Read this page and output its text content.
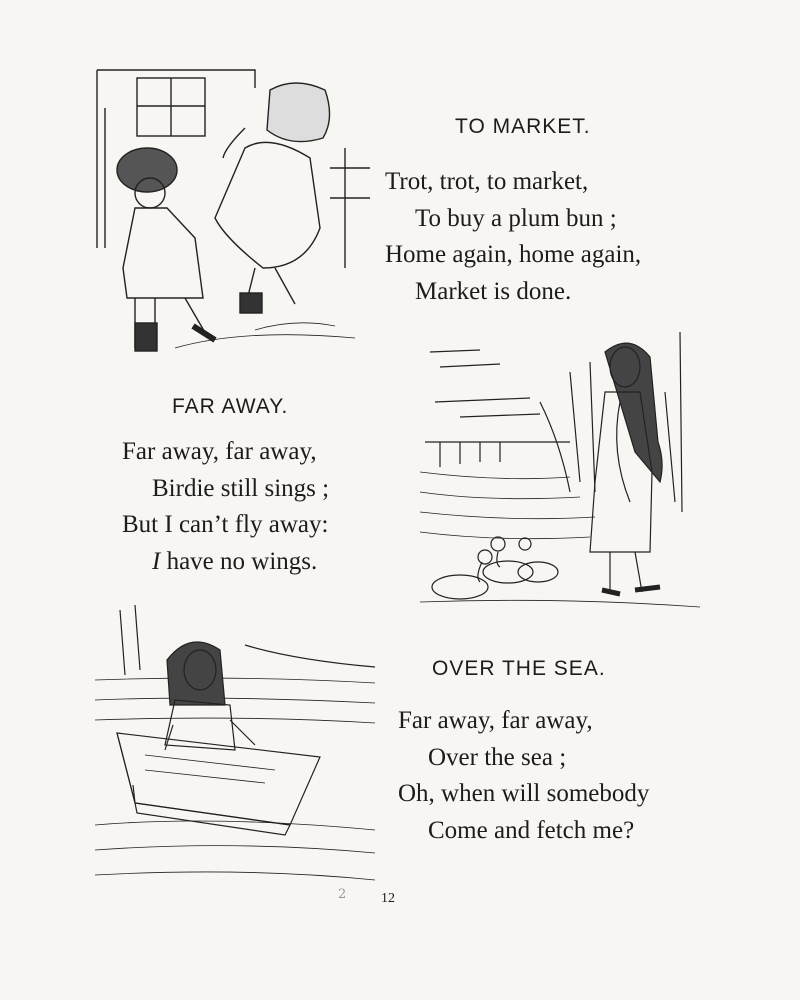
TO MARKET.
Trot, trot, to market,
To buy a plum bun ;
Home again, home again,
Market is done.
FAR AWAY.
Far away, far away,
Birdie still sings ;
But I can’t fly away:
I have no wings.
OVER THE SEA.
Far away, far away,
Over the sea ;
Oh, when will somebody
Come and fetch me?
2 12
